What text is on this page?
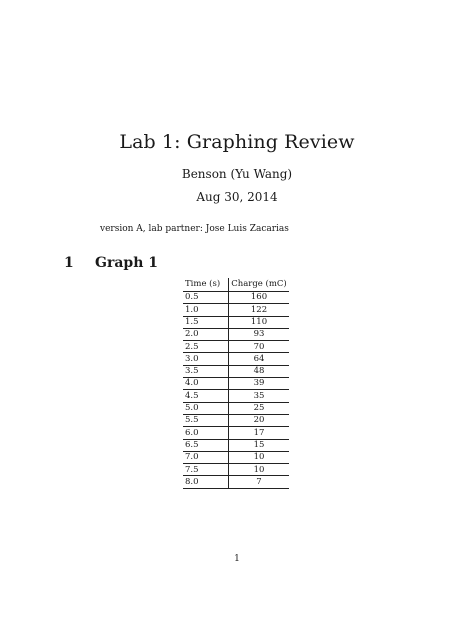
Lab 1: Graphing Review
Benson (Yu Wang)
Aug 30, 2014
version A, lab partner: Jose Luis Zacarias
1 Graph 1
Time (s)	Charge (mC)
0.5	160
1.0	122
1.5	110
2.0	93
2.5	70
3.0	64
3.5	48
4.0	39
4.5	35
5.0	25
5.5	20
6.0	17
6.5	15
7.0	10
7.5	10
8.0	7
1
